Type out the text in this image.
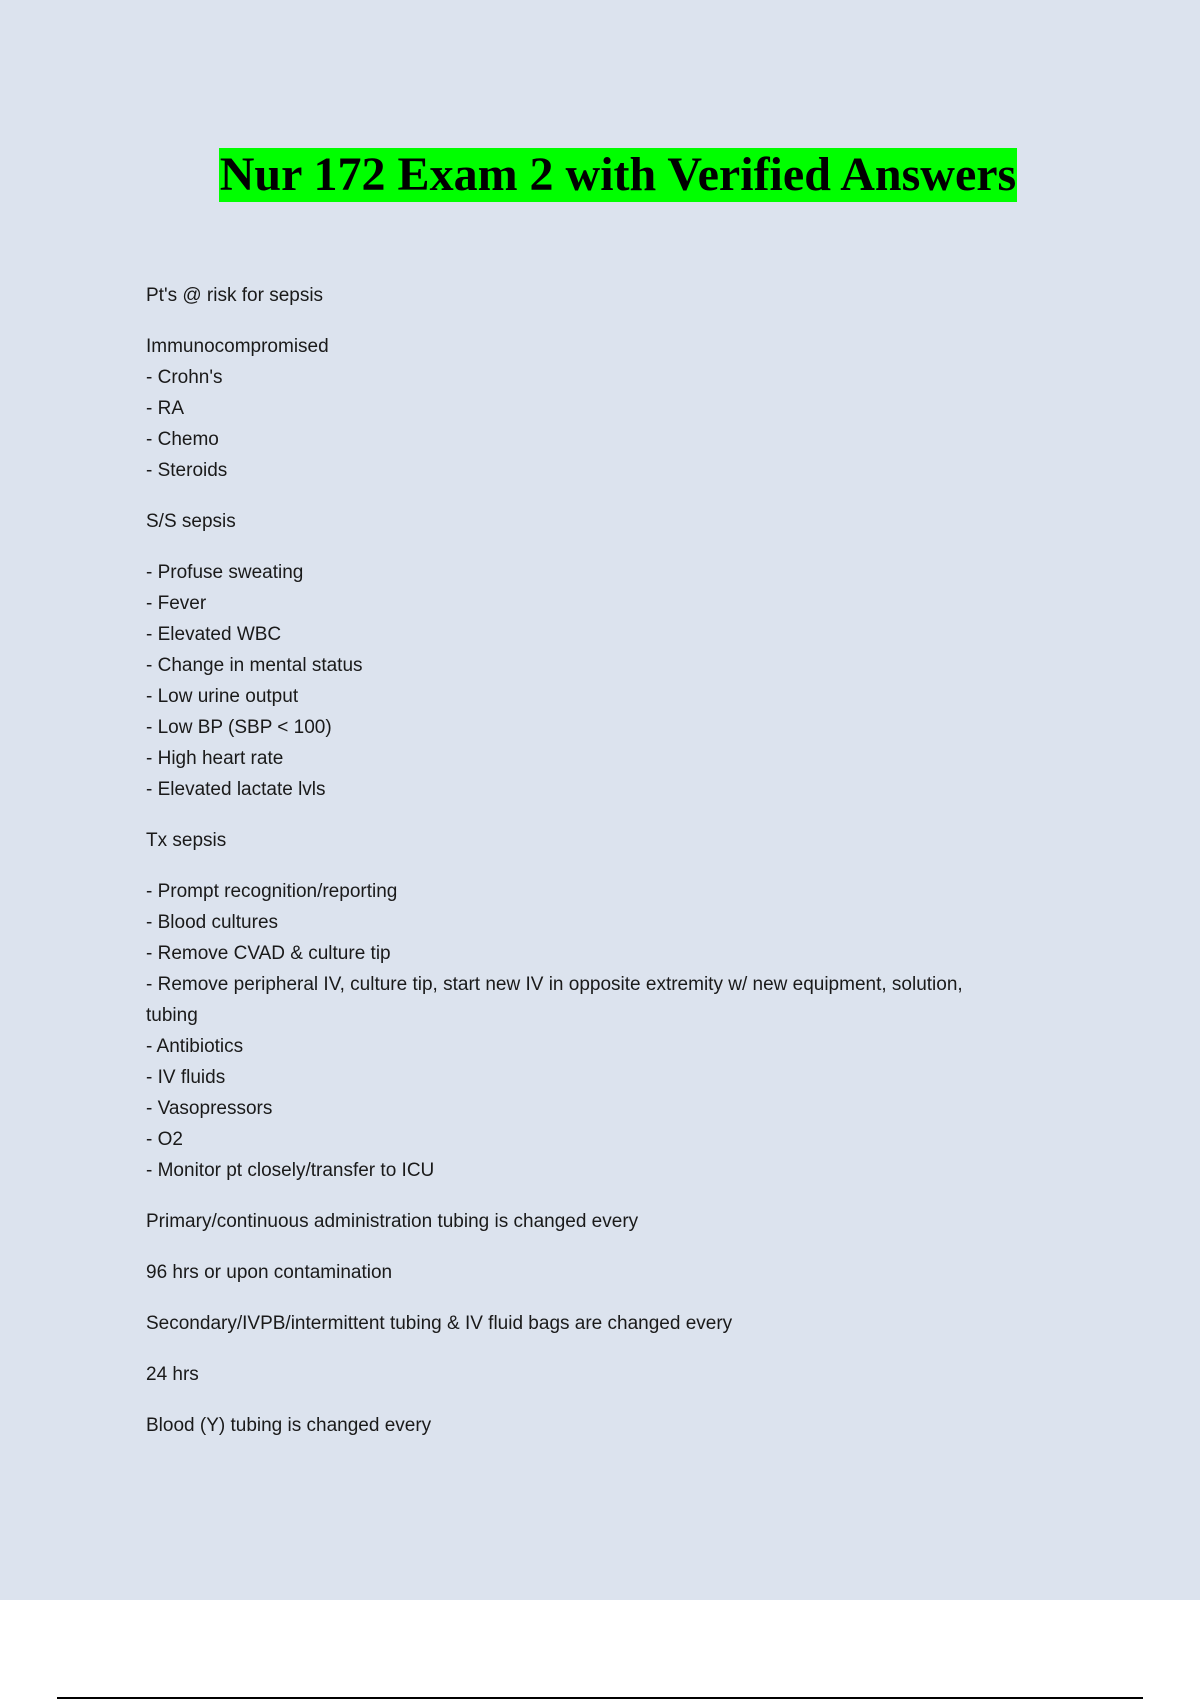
Nur 172 Exam 2 with Verified Answers
Pt's @ risk for sepsis
Immunocompromised
- Crohn's
- RA
- Chemo
- Steroids
S/S sepsis
- Profuse sweating
- Fever
- Elevated WBC
- Change in mental status
- Low urine output
- Low BP (SBP < 100)
- High heart rate
- Elevated lactate lvls
Tx sepsis
- Prompt recognition/reporting
- Blood cultures
- Remove CVAD & culture tip
- Remove peripheral IV, culture tip, start new IV in opposite extremity w/ new equipment, solution,
tubing
- Antibiotics
- IV fluids
- Vasopressors
- O2
- Monitor pt closely/transfer to ICU
Primary/continuous administration tubing is changed every
96 hrs or upon contamination
Secondary/IVPB/intermittent tubing & IV fluid bags are changed every
24 hrs
Blood (Y) tubing is changed every
